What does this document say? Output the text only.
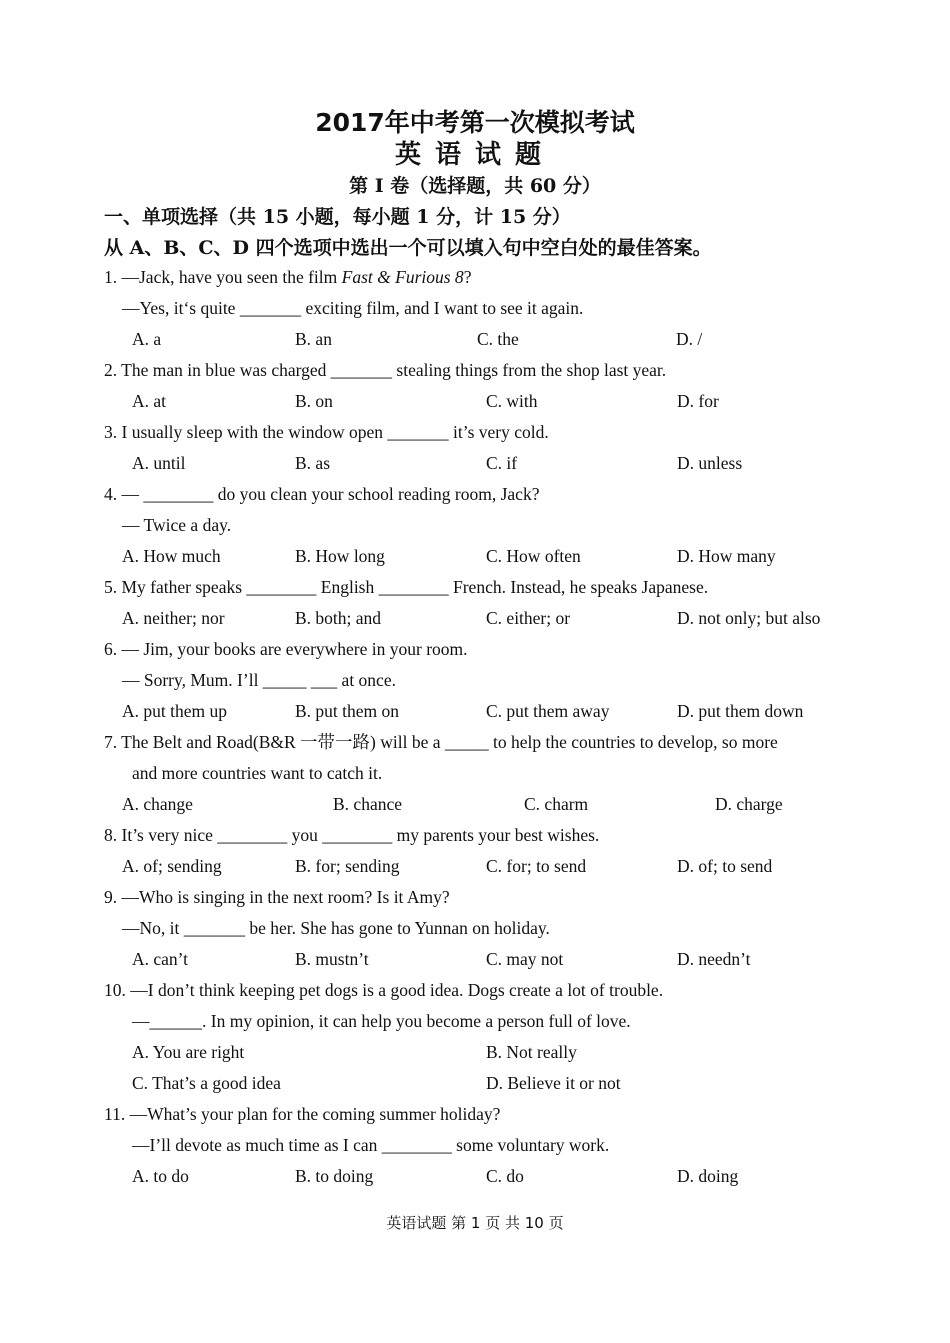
2017年中考第一次模拟考试
英语试题
第 I 卷（选择题，共 60 分）
一、单项选择（共 15 小题，每小题 1 分，计 15 分）
从 A、B、C、D 四个选项中选出一个可以填入句中空白处的最佳答案。
1. —Jack, have you seen the film Fast & Furious 8?
—Yes, it‘s quite _______ exciting film, and I want to see it again.
A. a	B. an	C. the	D. /
2. The man in blue was charged _______ stealing things from the shop last year.
A. at	B. on	C. with	D. for
3. I usually sleep with the window open _______ it’s very cold.
A. until	B. as	C. if	D. unless
4. — ________ do you clean your school reading room, Jack?
— Twice a day.
A. How much	B. How long	C. How often	D. How many
5. My father speaks ________ English ________ French. Instead, he speaks Japanese.
A. neither; nor	B. both; and	C. either; or	D. not only; but also
6. — Jim, your books are everywhere in your room.
— Sorry, Mum. I’ll _____ ___ at once.
A. put them up	B. put them on	C. put them away	D. put them down
7. The Belt and Road(B&R 一带一路) will be a _____ to help the countries to develop, so more
and more countries want to catch it.
A. change	B. chance	C. charm	D. charge
8. It’s very nice ________ you ________ my parents your best wishes.
A. of; sending	B. for; sending	C. for; to send	D. of; to send
9. —Who is singing in the next room? Is it Amy?
—No, it _______ be her. She has gone to Yunnan on holiday.
A. can’t	B. mustn’t	C. may not	D. needn’t
10. —I don’t think keeping pet dogs is a good idea. Dogs create a lot of trouble.
—______. In my opinion, it can help you become a person full of love.
A. You are right	B. Not really
C. That’s a good idea	D. Believe it or not
11. —What’s your plan for the coming summer holiday?
—I’ll devote as much time as I can ________ some voluntary work.
A. to do	B. to doing	C. do	D. doing
英语试题 第 1 页 共 10 页
